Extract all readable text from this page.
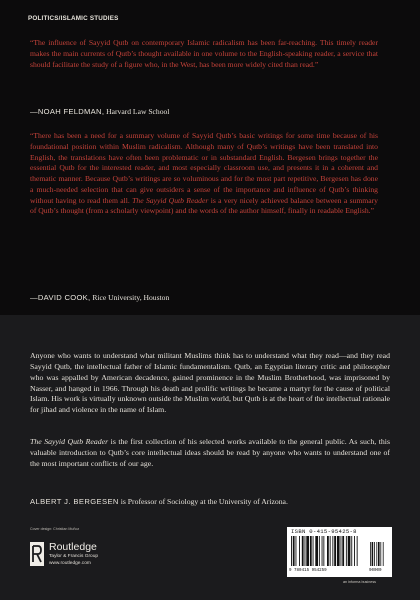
POLITICS/ISLAMIC STUDIES

“The influence of Sayyid Qutb on contemporary Islamic radicalism has been far-reaching. This timely reader makes the main currents of Qutb’s thought available in one volume to the English-speaking reader, a service that should facilitate the study of a figure who, in the West, has been more widely cited than read.”

—NOAH FELDMAN, Harvard Law School

“There has been a need for a summary volume of Sayyid Qutb’s basic writings for some time because of his foundational position within Muslim radicalism. Although many of Qutb’s writings have been translated into English, the translations have often been problematic or in substandard English. Bergesen brings together the essential Qutb for the interested reader, and most especially classroom use, and presents it in a coherent and thematic manner. Because Qutb’s writings are so voluminous and for the most part repetitive, Bergesen has done a much-needed selection that can give outsiders a sense of the importance and influence of Qutb’s thinking without having to read them all. The Sayyid Qutb Reader is a very nicely achieved balance between a summary of Qutb’s thought (from a scholarly viewpoint) and the words of the author himself, finally in readable English.”

—DAVID COOK, Rice University, Houston

Anyone who wants to understand what militant Muslims think has to understand what they read—and they read Sayyid Qutb, the intellectual father of Islamic fundamentalism. Qutb, an Egyptian literary critic and philosopher who was appalled by American decadence, gained prominence in the Muslim Brotherhood, was imprisoned by Nasser, and hanged in 1966. Through his death and prolific writings he became a martyr for the cause of political Islam. His work is virtually unknown outside the Muslim world, but Qutb is at the heart of the intellectual rationale for jihad and violence in the name of Islam.

The Sayyid Qutb Reader is the first collection of his selected works available to the general public. As such, this valuable introduction to Qutb’s core intellectual ideas should be read by anyone who wants to understand one of the most important conflicts of our age.

ALBERT J. BERGESEN is Professor of Sociology at the University of Arizona.

Cover design: Christian Muñoz
Routledge
Taylor & Francis Group
www.routledge.com
ISBN 0-415-95425-8
9 780415 954259	90000
an informa business
